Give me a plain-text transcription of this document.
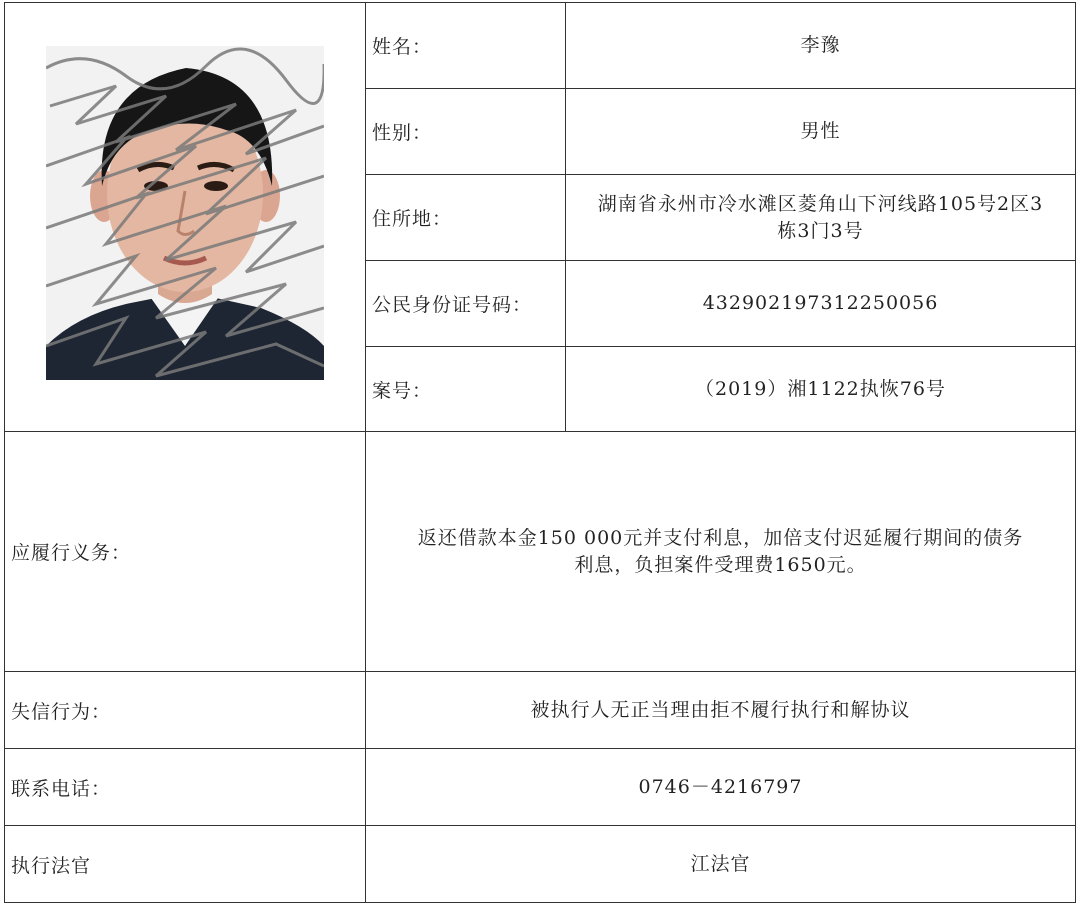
姓名：	李豫
性别：	男性
住所地：
湖南省永州市冷水滩区菱角山下河线路105号2区3
栋3门3号
公民身份证号码：	432902197312250056
案号：	（2019）湘1122执恢76号
应履行义务：
返还借款本金150 000元并支付利息，加倍支付迟延履行期间的债务
利息，负担案件受理费1650元。
失信行为：	被执行人无正当理由拒不履行执行和解协议
联系电话：	0746－4216797
执行法官	江法官
